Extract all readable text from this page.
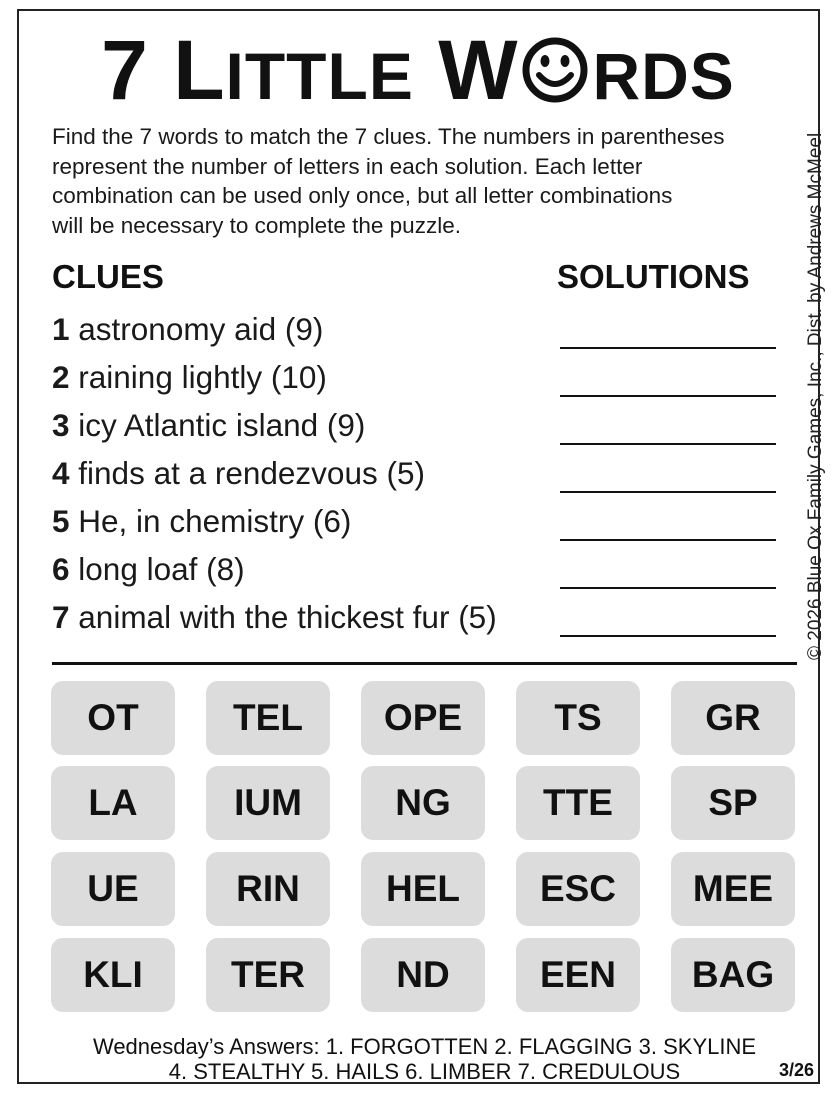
7 LITTLE W RDS
Find the 7 words to match the 7 clues. The numbers in parentheses
represent the number of letters in each solution. Each letter
combination can be used only once, but all letter combinations
will be necessary to complete the puzzle.	© 2026 Blue Ox Family Games, Inc., Dist. by Andrews McMeel
CLUES	SOLUTIONS
1 astronomy aid (9)
2 raining lightly (10)
3 icy Atlantic island (9)
4 finds at a rendezvous (5)
5 He, in chemistry (6)
6 long loaf (8)
7 animal with the thickest fur (5)
OT	TEL	OPE	TS	GR
LA	IUM	NG	TTE	SP
UE	RIN	HEL	ESC	MEE
KLI	TER	ND	EEN	BAG
Wednesday’s Answers: 1. FORGOTTEN 2. FLAGGING 3. SKYLINE
4. STEALTHY 5. HAILS 6. LIMBER 7. CREDULOUS	3/26
